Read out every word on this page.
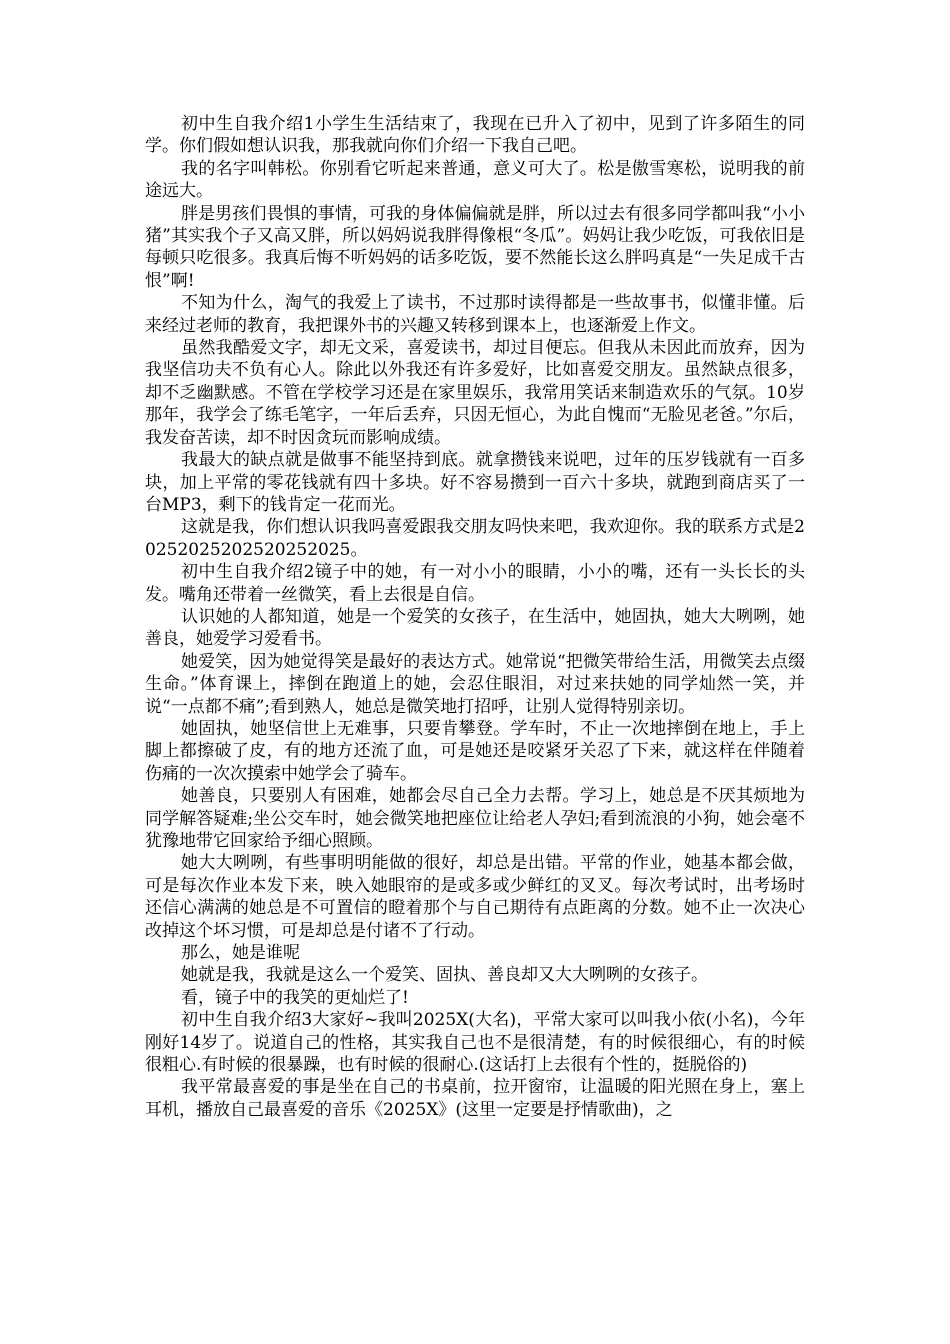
初中生自我介绍1小学生生活结束了，我现在已升入了初中，见到了许多陌生的同学。你们假如想认识我，那我就向你们介绍一下我自己吧。

我的名字叫韩松。你别看它听起来普通，意义可大了。松是傲雪寒松，说明我的前途远大。

胖是男孩们畏惧的事情，可我的身体偏偏就是胖，所以过去有很多同学都叫我“小小猪”其实我个子又高又胖，所以妈妈说我胖得像根“冬瓜”。妈妈让我少吃饭，可我依旧是每顿只吃很多。我真后悔不听妈妈的话多吃饭，要不然能长这么胖吗真是“一失足成千古恨”啊!

不知为什么，淘气的我爱上了读书，不过那时读得都是一些故事书，似懂非懂。后来经过老师的教育，我把课外书的兴趣又转移到课本上，也逐渐爱上作文。

虽然我酷爱文字，却无文采，喜爱读书，却过目便忘。但我从未因此而放弃，因为我坚信功夫不负有心人。除此以外我还有许多爱好，比如喜爱交朋友。虽然缺点很多，却不乏幽默感。不管在学校学习还是在家里娱乐，我常用笑话来制造欢乐的气氛。10岁那年，我学会了练毛笔字，一年后丢弃，只因无恒心，为此自愧而“无脸见老爸。”尔后，我发奋苦读，却不时因贪玩而影响成绩。

我最大的缺点就是做事不能坚持到底。就拿攒钱来说吧，过年的压岁钱就有一百多块，加上平常的零花钱就有四十多块。好不容易攒到一百六十多块，就跑到商店买了一台MP3，剩下的钱肯定一花而光。

这就是我，你们想认识我吗喜爱跟我交朋友吗快来吧，我欢迎你。我的联系方式是20252025202520252025。

初中生自我介绍2镜子中的她，有一对小小的眼睛，小小的嘴，还有一头长长的头发。嘴角还带着一丝微笑，看上去很是自信。

认识她的人都知道，她是一个爱笑的女孩子，在生活中，她固执，她大大咧咧，她善良，她爱学习爱看书。

她爱笑，因为她觉得笑是最好的表达方式。她常说“把微笑带给生活，用微笑去点缀生命。”体育课上，摔倒在跑道上的她，会忍住眼泪，对过来扶她的同学灿然一笑，并说“一点都不痛”;看到熟人，她总是微笑地打招呼，让别人觉得特别亲切。

她固执，她坚信世上无难事，只要肯攀登。学车时，不止一次地摔倒在地上，手上脚上都擦破了皮，有的地方还流了血，可是她还是咬紧牙关忍了下来，就这样在伴随着伤痛的一次次摸索中她学会了骑车。

她善良，只要别人有困难，她都会尽自己全力去帮。学习上，她总是不厌其烦地为同学解答疑难;坐公交车时，她会微笑地把座位让给老人孕妇;看到流浪的小狗，她会毫不犹豫地带它回家给予细心照顾。

她大大咧咧，有些事明明能做的很好，却总是出错。平常的作业，她基本都会做，可是每次作业本发下来，映入她眼帘的是或多或少鲜红的叉叉。每次考试时，出考场时还信心满满的她总是不可置信的瞪着那个与自己期待有点距离的分数。她不止一次决心改掉这个坏习惯，可是却总是付诸不了行动。

那么，她是谁呢

她就是我，我就是这么一个爱笑、固执、善良却又大大咧咧的女孩子。

看，镜子中的我笑的更灿烂了!

初中生自我介绍3大家好~我叫2025X(大名)，平常大家可以叫我小依(小名)，今年刚好14岁了。说道自己的性格，其实我自己也不是很清楚，有的时候很细心，有的时候很粗心.有时候的很暴躁，也有时候的很耐心.(这话打上去很有个性的，挺脱俗的)

我平常最喜爱的事是坐在自己的书桌前，拉开窗帘，让温暖的阳光照在身上，塞上耳机，播放自己最喜爱的音乐《2025X》(这里一定要是抒情歌曲)，之
